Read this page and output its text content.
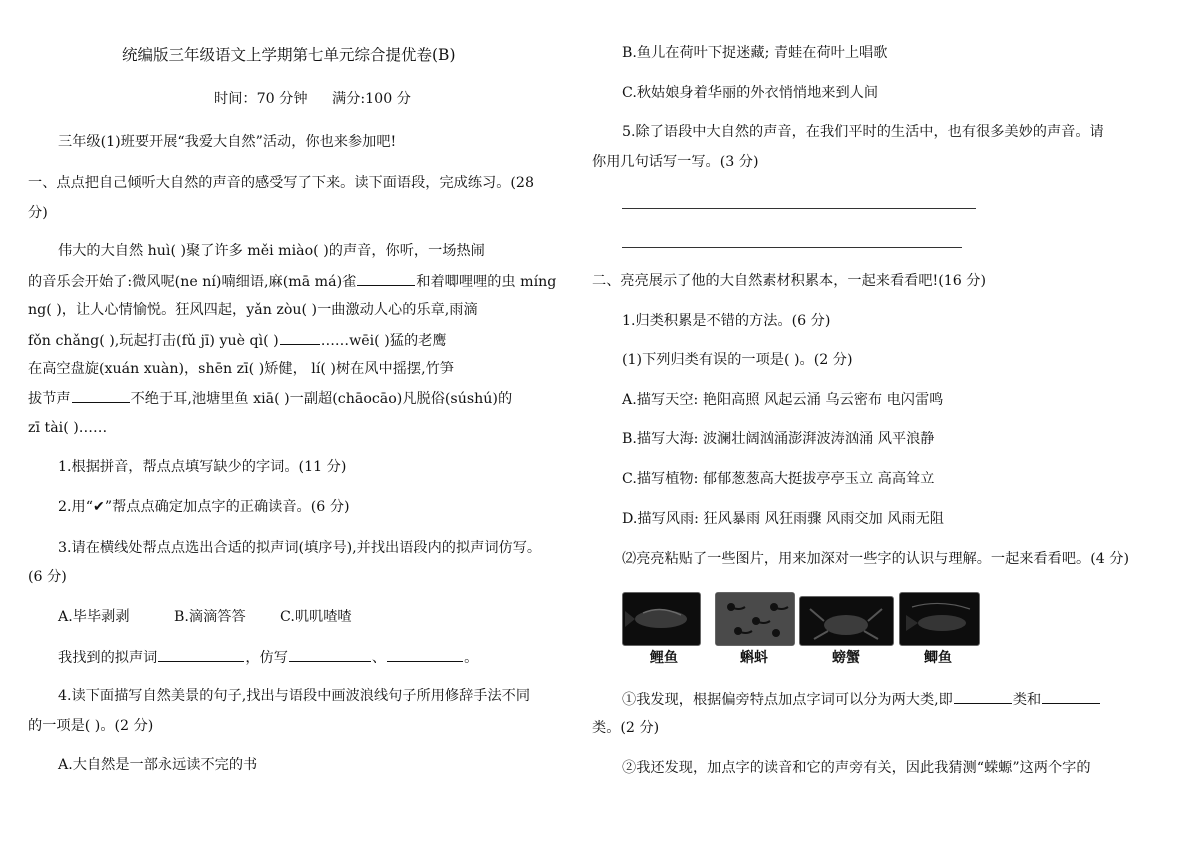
统编版三年级语文上学期第七单元综合提优卷(B)
时间：70 分钟 满分:100 分
三年级(1)班要开展“我爱大自然”活动，你也来参加吧!
一、点点把自己倾听大自然的声音的感受写了下来。读下面语段，完成练习。(28
分)
伟大的大自然 huì( )聚了许多 měi miào( )的声音，你听，一场热闹
的音乐会开始了:微风呢(ne ní)喃细语,麻(mā má)雀	和着唧哩哩的虫 míng
ng( )，让人心情愉悦。狂风四起，yǎn zòu( )一曲激动人心的乐章,雨滴
fǒn chǎng( ),玩起打击(fǔ jī) yuè qì( )	……wēi( )猛的老鹰
在高空盘旋(xuán xuàn)，shēn zī( )矫健， lí( )树在风中摇摆,竹笋
拔节声	不绝于耳,池塘里鱼 xiā( )一副超(chāocāo)凡脱俗(súshú)的
zī tài( )……
1.根据拼音，帮点点填写缺少的字词。(11 分)
2.用“✔”帮点点确定加点字的正确读音。(6 分)
3.请在横线处帮点点选出合适的拟声词(填序号),并找出语段内的拟声词仿写。
(6 分)
A.毕毕剥剥	B.滴滴答答 C.叽叽喳喳
我找到的拟声词	，仿写	、	。
4.读下面描写自然美景的句子,找出与语段中画波浪线句子所用修辞手法不同
的一项是( )。(2 分)
A.大自然是一部永远读不完的书
B.鱼儿在荷叶下捉迷藏; 青蛙在荷叶上唱歌
C.秋姑娘身着华丽的外衣悄悄地来到人间
5.除了语段中大自然的声音，在我们平时的生活中，也有很多美妙的声音。请
你用几句话写一写。(3 分)
二、亮亮展示了他的大自然素材积累本，一起来看看吧!(16 分)
1.归类积累是不错的方法。(6 分)
(1)下列归类有误的一项是( )。(2 分)
A.描写天空: 艳阳高照 风起云涌 乌云密布 电闪雷鸣
B.描写大海: 波澜壮阔汹涌澎湃波涛汹涌 风平浪静
C.描写植物: 郁郁葱葱高大挺拔亭亭玉立 高高耸立
D.描写风雨: 狂风暴雨 风狂雨骤 风雨交加 风雨无阻
⑵亮亮粘贴了一些图片，用来加深对一些字的认识与理解。一起来看看吧。(4 分)
①我发现，根据偏旁特点加点字词可以分为两大类,即	类和
类。(2 分)
②我还发现，加点字的读音和它的声旁有关，因此我猜测“蝾螈”这两个字的
鲤鱼	蝌蚪	螃蟹	鲫鱼
